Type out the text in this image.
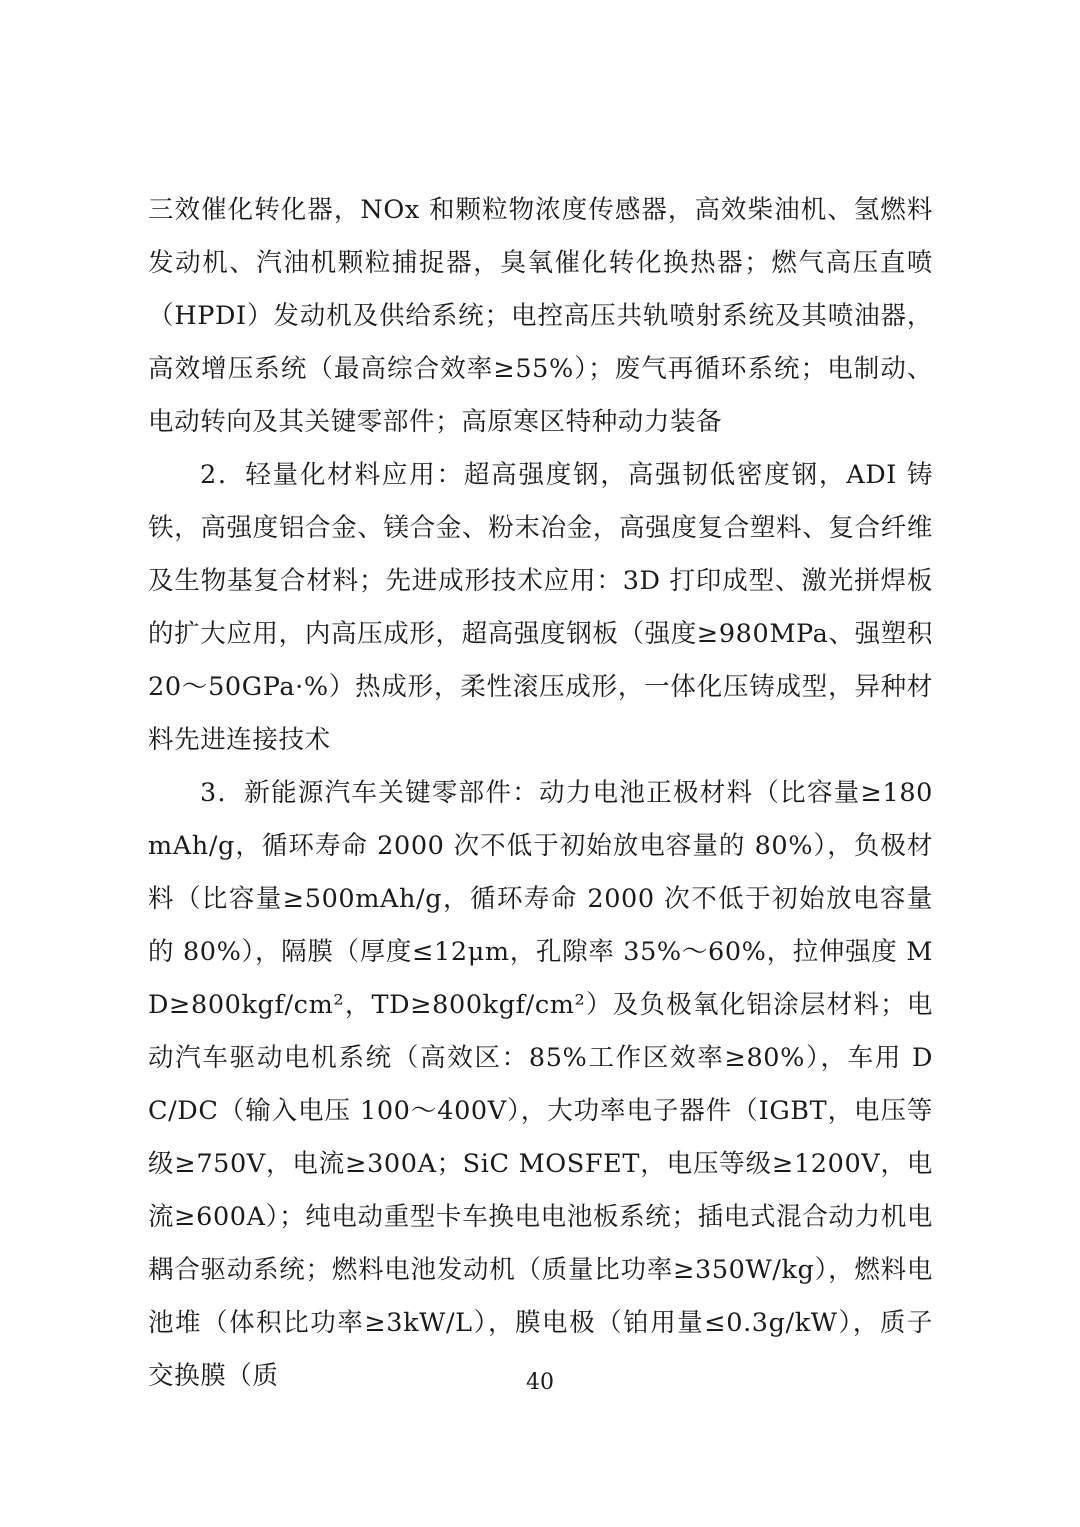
三效催化转化器，NOx 和颗粒物浓度传感器，高效柴油机、氢燃料发动机、汽油机颗粒捕捉器，臭氧催化转化换热器；燃气高压直喷（HPDI）发动机及供给系统；电控高压共轨喷射系统及其喷油器，高效增压系统（最高综合效率≥55%）；废气再循环系统；电制动、电动转向及其关键零部件；高原寒区特种动力装备

2．轻量化材料应用：超高强度钢，高强韧低密度钢，ADI 铸铁，高强度铝合金、镁合金、粉末冶金，高强度复合塑料、复合纤维及生物基复合材料；先进成形技术应用：3D 打印成型、激光拼焊板的扩大应用，内高压成形，超高强度钢板（强度≥980MPa、强塑积 20～50GPa·%）热成形，柔性滚压成形，一体化压铸成型，异种材料先进连接技术

3．新能源汽车关键零部件：动力电池正极材料（比容量≥180mAh/g，循环寿命 2000 次不低于初始放电容量的 80%），负极材料（比容量≥500mAh/g，循环寿命 2000 次不低于初始放电容量的 80%），隔膜（厚度≤12μm，孔隙率 35%～60%，拉伸强度 MD≥800kgf/cm²，TD≥800kgf/cm²）及负极氧化铝涂层材料；电动汽车驱动电机系统（高效区：85%工作区效率≥80%），车用 DC/DC（输入电压 100～400V），大功率电子器件（IGBT，电压等级≥750V，电流≥300A；SiC MOSFET，电压等级≥1200V，电流≥600A）；纯电动重型卡车换电电池板系统；插电式混合动力机电耦合驱动系统；燃料电池发动机（质量比功率≥350W/kg），燃料电池堆（体积比功率≥3kW/L），膜电极（铂用量≤0.3g/kW），质子交换膜（质	40
